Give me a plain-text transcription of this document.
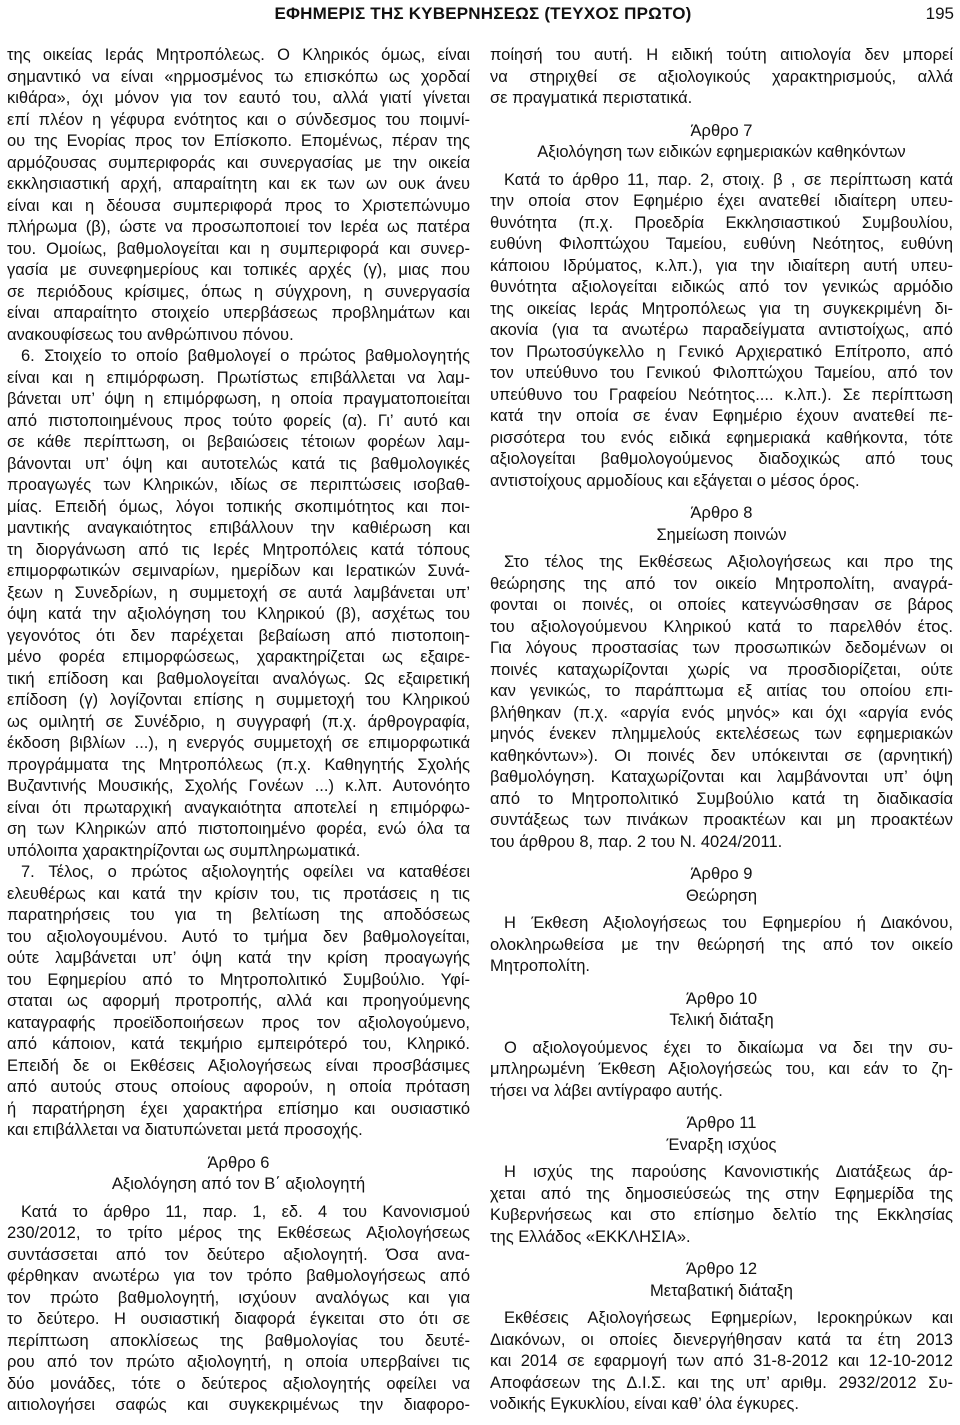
ΕΦΗΜΕΡΙΣ ΤΗΣ ΚΥΒΕΡΝΗΣΕΩΣ (ΤΕΥΧΟΣ ΠΡΩΤΟ)	195
της οικείας Ιεράς Μητροπόλεως. Ο Κληρικός όμως, είναι
σημαντικό να είναι «ηρμοσμένος τω επισκόπω ως χορδαί
κιθάρα», όχι μόνον για τον εαυτό του, αλλά γιατί γίνεται
επί πλέον η γέφυρα ενότητος και ο σύνδεσμος του ποιμνί-
ου της Ενορίας προς τον Επίσκοπο. Επομένως, πέραν της
αρμόζουσας συμπεριφοράς και συνεργασίας με την οικεία
εκκλησιαστική αρχή, απαραίτητη και εκ των ων ουκ άνευ
είναι και η δέουσα συμπεριφορά προς το Χριστεπώνυμο
πλήρωμα (β), ώστε να προσωποποιεί τον Ιερέα ως πατέρα
του. Ομοίως, βαθμολογείται και η συμπεριφορά και συνερ-
γασία με συνεφημερίους και τοπικές αρχές (γ), μιας που
σε περιόδους κρίσιμες, όπως η σύγχρονη, η συνεργασία
είναι απαραίτητο στοιχείο υπερβάσεως προβλημάτων και
ανακουφίσεως του ανθρώπινου πόνου.
6. Στοιχείο το οποίο βαθμολογεί ο πρώτος βαθμολογητής
είναι και η επιμόρφωση. Πρωτίστως επιβάλλεται να λαμ-
βάνεται υπ’ όψη η επιμόρφωση, η οποία πραγματοποιείται
από πιστοποιημένους προς τούτο φορείς (α). Γι’ αυτό και
σε κάθε περίπτωση, οι βεβαιώσεις τέτοιων φορέων λαμ-
βάνονται υπ’ όψη και αυτοτελώς κατά τις βαθμολογικές
προαγωγές των Κληρικών, ιδίως σε περιπτώσεις ισοβαθ-
μίας. Επειδή όμως, λόγοι τοπικής σκοπιμότητος και ποι-
μαντικής αναγκαιότητος επιβάλλουν την καθιέρωση και
τη διοργάνωση από τις Ιερές Μητροπόλεις κατά τόπους
επιμορφωτικών σεμιναρίων, ημερίδων και Ιερατικών Συνά-
ξεων η Συνεδρίων, η συμμετοχή σε αυτά λαμβάνεται υπ’
όψη κατά την αξιολόγηση του Κληρικού (β), ασχέτως του
γεγονότος ότι δεν παρέχεται βεβαίωση από πιστοποιη-
μένο φορέα επιμορφώσεως, χαρακτηρίζεται ως εξαιρε-
τική επίδοση και βαθμολογείται αναλόγως. Ως εξαιρετική
επίδοση (γ) λογίζονται επίσης η συμμετοχή του Κληρικού
ως ομιλητή σε Συνέδριο, η συγγραφή (π.χ. άρθρογραφία,
έκδοση βιβλίων ...), η ενεργός συμμετοχή σε επιμορφωτικά
προγράμματα της Μητροπόλεως (π.χ. Καθηγητής Σχολής
Βυζαντινής Μουσικής, Σχολής Γονέων ...) κ.λπ. Αυτονόητο
είναι ότι πρωταρχική αναγκαιότητα αποτελεί η επιμόρφω-
ση των Κληρικών από πιστοποιημένο φορέα, ενώ όλα τα
υπόλοιπα χαρακτηρίζονται ως συμπληρωματικά.
7. Τέλος, ο πρώτος αξιολογητής οφείλει να καταθέσει
ελευθέρως και κατά την κρίσιν του, τις προτάσεις η τις
παρατηρήσεις του για τη βελτίωση της αποδόσεως
του αξιολογουμένου. Αυτό το τμήμα δεν βαθμολογείται,
ούτε λαμβάνεται υπ’ όψη κατά την κρίση προαγωγής
του Εφημερίου από το Μητροπολιτικό Συμβούλιο. Υφί-
σταται ως αφορμή προτροπής, αλλά και προηγούμενης
καταγραφής προεϊδοποιήσεων προς τον αξιολογούμενο,
από κάποιον, κατά τεκμήριο εμπειρότερό του, Κληρικό.
Επειδή δε οι Εκθέσεις Αξιολογήσεως είναι προσβάσιμες
από αυτούς στους οποίους αφορούν, η οποία πρόταση
ή παρατήρηση έχει χαρακτήρα επίσημο και ουσιαστικό
και επιβάλλεται να διατυπώνεται μετά προσοχής.
Άρθρο 6
Αξιολόγηση από τον Β΄ αξιολογητή
Κατά το άρθρο 11, παρ. 1, εδ. 4 του Κανονισμού
230/2012, το τρίτο μέρος της Εκθέσεως Αξιολογήσεως
συντάσσεται από τον δεύτερο αξιολογητή. Όσα ανα-
φέρθηκαν ανωτέρω για τον τρόπο βαθμολογήσεως από
τον πρώτο βαθμολογητή, ισχύουν αναλόγως και για
το δεύτερο. Η ουσιαστική διαφορά έγκειται στο ότι σε
περίπτωση αποκλίσεως της βαθμολογίας του δευτέ-
ρου από τον πρώτο αξιολογητή, η οποία υπερβαίνει τις
δύο μονάδες, τότε ο δεύτερος αξιολογητής οφείλει να
αιτιολογήσει σαφώς και συγκεκριμένως την διαφορο-
ποίησή του αυτή. Η ειδική τούτη αιτιολογία δεν μπορεί
να στηριχθεί σε αξιολογικούς χαρακτηρισμούς, αλλά
σε πραγματικά περιστατικά.
Άρθρο 7
Αξιολόγηση των ειδικών εφημεριακών καθηκόντων
Κατά το άρθρο 11, παρ. 2, στοιχ. β , σε περίπτωση κατά
την οποία στον Εφημέριο έχει ανατεθεί ιδιαίτερη υπευ-
θυνότητα (π.χ. Προεδρία Εκκλησιαστικού Συμβουλίου,
ευθύνη Φιλοπτώχου Ταμείου, ευθύνη Νεότητος, ευθύνη
κάποιου Ιδρύματος, κ.λπ.), για την ιδιαίτερη αυτή υπευ-
θυνότητα αξιολογείται ειδικώς από τον γενικώς αρμόδιο
της οικείας Ιεράς Μητροπόλεως για τη συγκεκριμένη δι-
ακονία (για τα ανωτέρω παραδείγματα αντιστοίχως, από
τον Πρωτοσύγκελλο η Γενικό Αρχιερατικό Επίτροπο, από
τον υπεύθυνο του Γενικού Φιλοπτώχου Ταμείου, από τον
υπεύθυνο του Γραφείου Νεότητος.... κ.λπ.). Σε περίπτωση
κατά την οποία σε έναν Εφημέριο έχουν ανατεθεί πε-
ρισσότερα του ενός ειδικά εφημεριακά καθήκοντα, τότε
αξιολογείται βαθμολογούμενος διαδοχικώς από τους
αντιστοίχους αρμοδίους και εξάγεται ο μέσος όρος.
Άρθρο 8
Σημείωση ποινών
Στο τέλος της Εκθέσεως Αξιολογήσεως και προ της
θεώρησης της από τον οικείο Μητροπολίτη, αναγρά-
φονται οι ποινές, οι οποίες κατεγνώσθησαν σε βάρος
του αξιολογούμενου Κληρικού κατά το παρελθόν έτος.
Για λόγους προστασίας των προσωπικών δεδομένων οι
ποινές καταχωρίζονται χωρίς να προσδιορίζεται, ούτε
καν γενικώς, το παράπτωμα εξ αιτίας του οποίου επι-
βλήθηκαν (π.χ. «αργία ενός μηνός» και όχι «αργία ενός
μηνός ένεκεν πλημμελούς εκτελέσεως των εφημεριακών
καθηκόντων»). Οι ποινές δεν υπόκεινται σε (αρνητική)
βαθμολόγηση. Καταχωρίζονται και λαμβάνονται υπ’ όψη
από το Μητροπολιτικό Συμβούλιο κατά τη διαδικασία
συντάξεως των πινάκων προακτέων και μη προακτέων
του άρθρου 8, παρ. 2 του Ν. 4024/2011.
Άρθρο 9
Θεώρηση
Η Έκθεση Αξιολογήσεως του Εφημερίου ή Διακόνου,
ολοκληρωθείσα με την θεώρησή της από τον οικείο
Μητροπολίτη.
Άρθρο 10
Τελική διάταξη
Ο αξιολογούμενος έχει το δικαίωμα να δει την συ-
μπληρωμένη Έκθεση Αξιολογήσεώς του, και εάν το ζη-
τήσει να λάβει αντίγραφο αυτής.
Άρθρο 11
Έναρξη ισχύος
Η ισχύς της παρούσης Κανονιστικής Διατάξεως άρ-
χεται από της δημοσιεύσεώς της στην Εφημερίδα της
Κυβερνήσεως και στο επίσημο δελτίο της Εκκλησίας
της Ελλάδος «ΕΚΚΛΗΣΙΑ».
Άρθρο 12
Μεταβατική διάταξη
Εκθέσεις Αξιολογήσεως Εφημερίων, Ιεροκηρύκων και
Διακόνων, οι οποίες διενεργήθησαν κατά τα έτη 2013
και 2014 σε εφαρμογή των από 31-8-2012 και 12-10-2012
Αποφάσεων της Δ.Ι.Σ. και της υπ’ αριθμ. 2932/2012 Συ-
νοδικής Εγκυκλίου, είναι καθ’ όλα έγκυρες.
